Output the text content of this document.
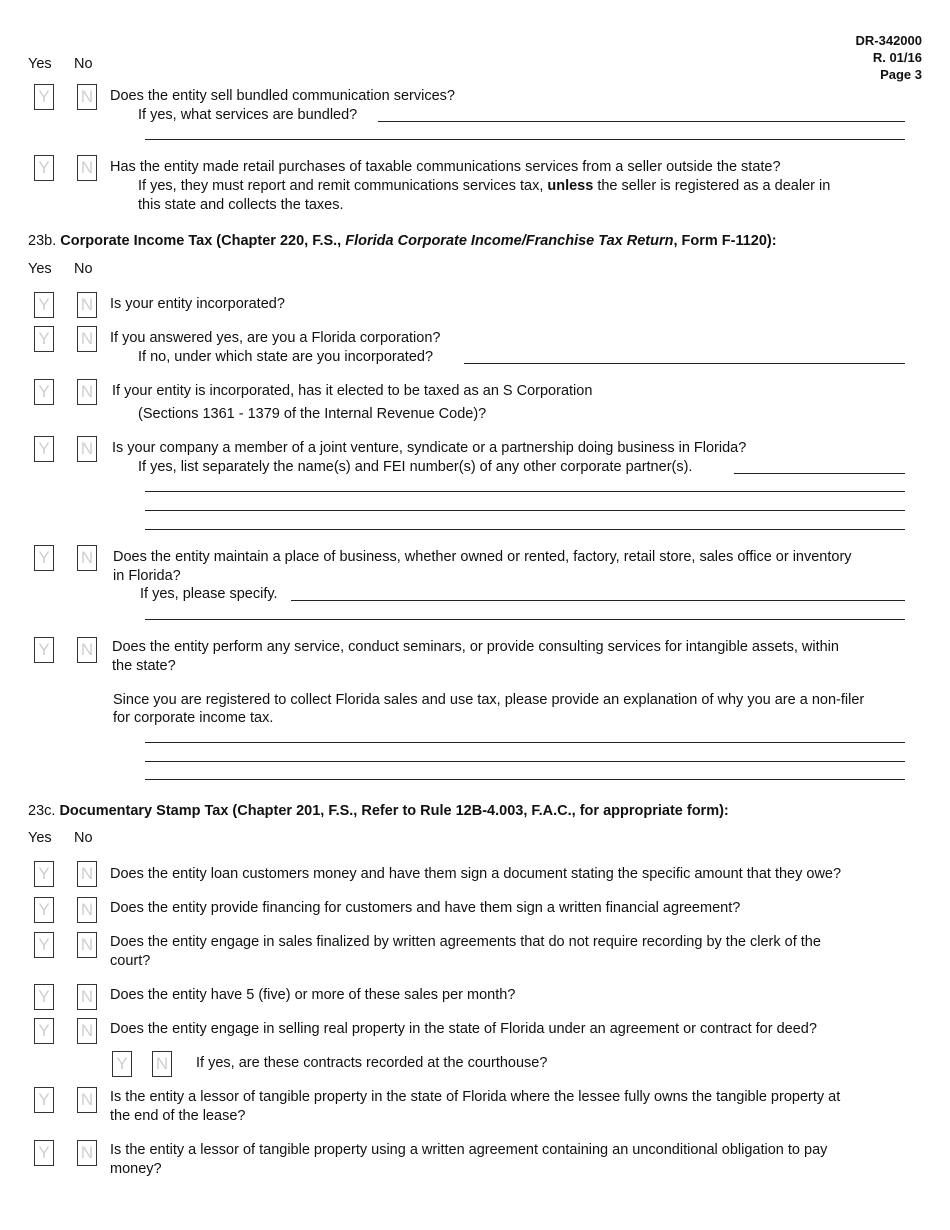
DR-342000
R. 01/16
Page 3
Yes No
Y N Does the entity sell bundled communication services?
If yes, what services are bundled?
Y N Has the entity made retail purchases of taxable communications services from a seller outside the state?
If yes, they must report and remit communications services tax, unless the seller is registered as a dealer in
this state and collects the taxes.
23b. Corporate Income Tax (Chapter 220, F.S., Florida Corporate Income/Franchise Tax Return, Form F-1120):
Yes No
Y N Is your entity incorporated?
Y N If you answered yes, are you a Florida corporation?
If no, under which state are you incorporated?
Y N If your entity is incorporated, has it elected to be taxed as an S Corporation
(Sections 1361 - 1379 of the Internal Revenue Code)?
Y N Is your company a member of a joint venture, syndicate or a partnership doing business in Florida?
If yes, list separately the name(s) and FEI number(s) of any other corporate partner(s).
Y N Does the entity maintain a place of business, whether owned or rented, factory, retail store, sales office or inventory
in Florida?
If yes, please specify.
Y N Does the entity perform any service, conduct seminars, or provide consulting services for intangible assets, within
the state?
Since you are registered to collect Florida sales and use tax, please provide an explanation of why you are a non-filer
for corporate income tax.
23c. Documentary Stamp Tax (Chapter 201, F.S., Refer to Rule 12B-4.003, F.A.C., for appropriate form):
Yes No
Y N Does the entity loan customers money and have them sign a document stating the specific amount that they owe?
Y N Does the entity provide financing for customers and have them sign a written financial agreement?
Y N Does the entity engage in sales finalized by written agreements that do not require recording by the clerk of the
court?
Y N Does the entity have 5 (five) or more of these sales per month?
Y N Does the entity engage in selling real property in the state of Florida under an agreement or contract for deed?
Y N If yes, are these contracts recorded at the courthouse?
Y N Is the entity a lessor of tangible property in the state of Florida where the lessee fully owns the tangible property at
the end of the lease?
Y N Is the entity a lessor of tangible property using a written agreement containing an unconditional obligation to pay
money?
